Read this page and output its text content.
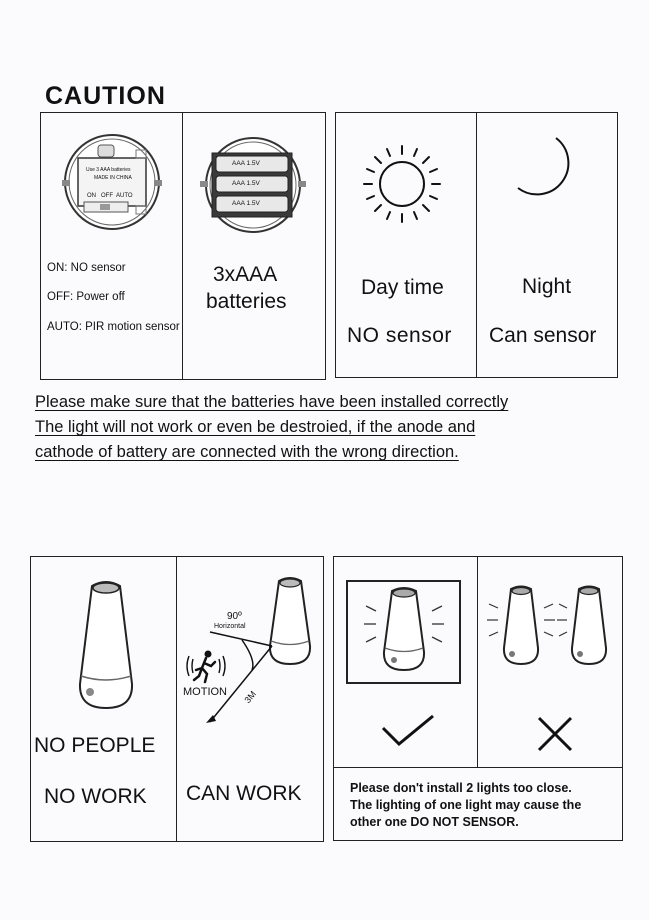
CAUTION
Use 3 AAA batteries
MADE IN CHINA
ON OFF AUTO
ON: NO sensor
OFF: Power off
AUTO: PIR motion sensor
AAA 1.5V
AAA 1.5V
AAA 1.5V
3xAAA
batteries
Day time
NO sensor
Night
Can sensor
Please make sure that the batteries have been installed correctly
The light will not work or even be destroied, if the anode and
cathode of battery are connected with the wrong direction.
NO PEOPLE
NO WORK
90º
Horizontal
3M
MOTION
CAN WORK	Please don't install 2 lights too close.
The lighting of one light may cause the
other one DO NOT SENSOR.
